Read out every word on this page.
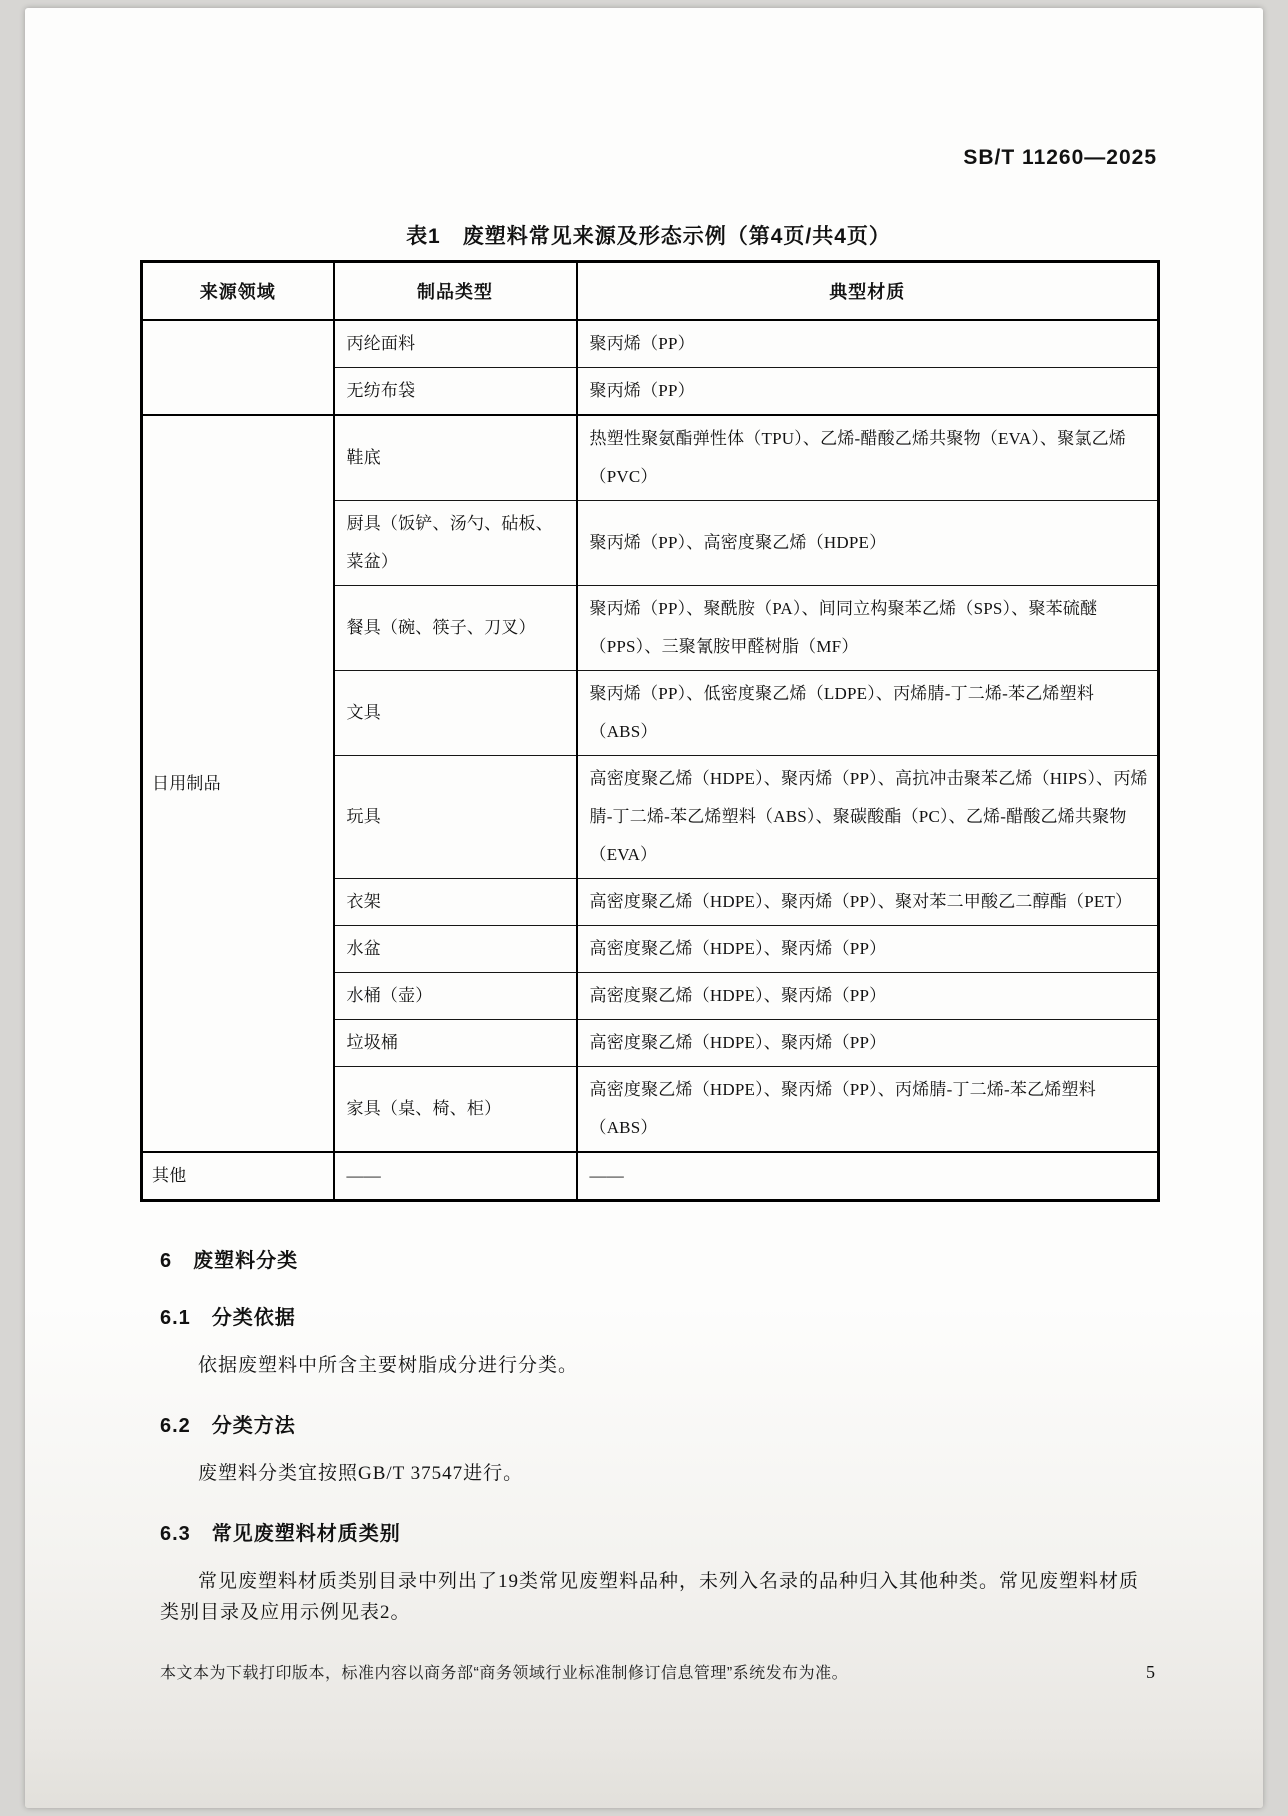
SB/T 11260—2025
表1　废塑料常见来源及形态示例（第4页/共4页）
来源领域	制品类型	典型材质
	丙纶面料	聚丙烯（PP）
	无纺布袋	聚丙烯（PP）
日用制品	鞋底	热塑性聚氨酯弹性体（TPU）、乙烯-醋酸乙烯共聚物（EVA）、聚氯乙烯（PVC）
	厨具（饭铲、汤勺、砧板、菜盆）	聚丙烯（PP）、高密度聚乙烯（HDPE）
	餐具（碗、筷子、刀叉）	聚丙烯（PP）、聚酰胺（PA）、间同立构聚苯乙烯（SPS）、聚苯硫醚（PPS）、三聚氰胺甲醛树脂（MF）
	文具	聚丙烯（PP）、低密度聚乙烯（LDPE）、丙烯腈-丁二烯-苯乙烯塑料（ABS）
	玩具	高密度聚乙烯（HDPE）、聚丙烯（PP）、高抗冲击聚苯乙烯（HIPS）、丙烯腈-丁二烯-苯乙烯塑料（ABS）、聚碳酸酯（PC）、乙烯-醋酸乙烯共聚物（EVA）
	衣架	高密度聚乙烯（HDPE）、聚丙烯（PP）、聚对苯二甲酸乙二醇酯（PET）
	水盆	高密度聚乙烯（HDPE）、聚丙烯（PP）
	水桶（壶）	高密度聚乙烯（HDPE）、聚丙烯（PP）
	垃圾桶	高密度聚乙烯（HDPE）、聚丙烯（PP）
	家具（桌、椅、柜）	高密度聚乙烯（HDPE）、聚丙烯（PP）、丙烯腈-丁二烯-苯乙烯塑料（ABS）
其他	——	——
6　废塑料分类
6.1　分类依据

依据废塑料中所含主要树脂成分进行分类。

6.2　分类方法

废塑料分类宜按照GB/T 37547进行。

6.3　常见废塑料材质类别

常见废塑料材质类别目录中列出了19类常见废塑料品种，未列入名录的品种归入其他种类。常见废塑料材质类别目录及应用示例见表2。

本文本为下载打印版本，标准内容以商务部“商务领域行业标准制修订信息管理”系统发布为准。	5
